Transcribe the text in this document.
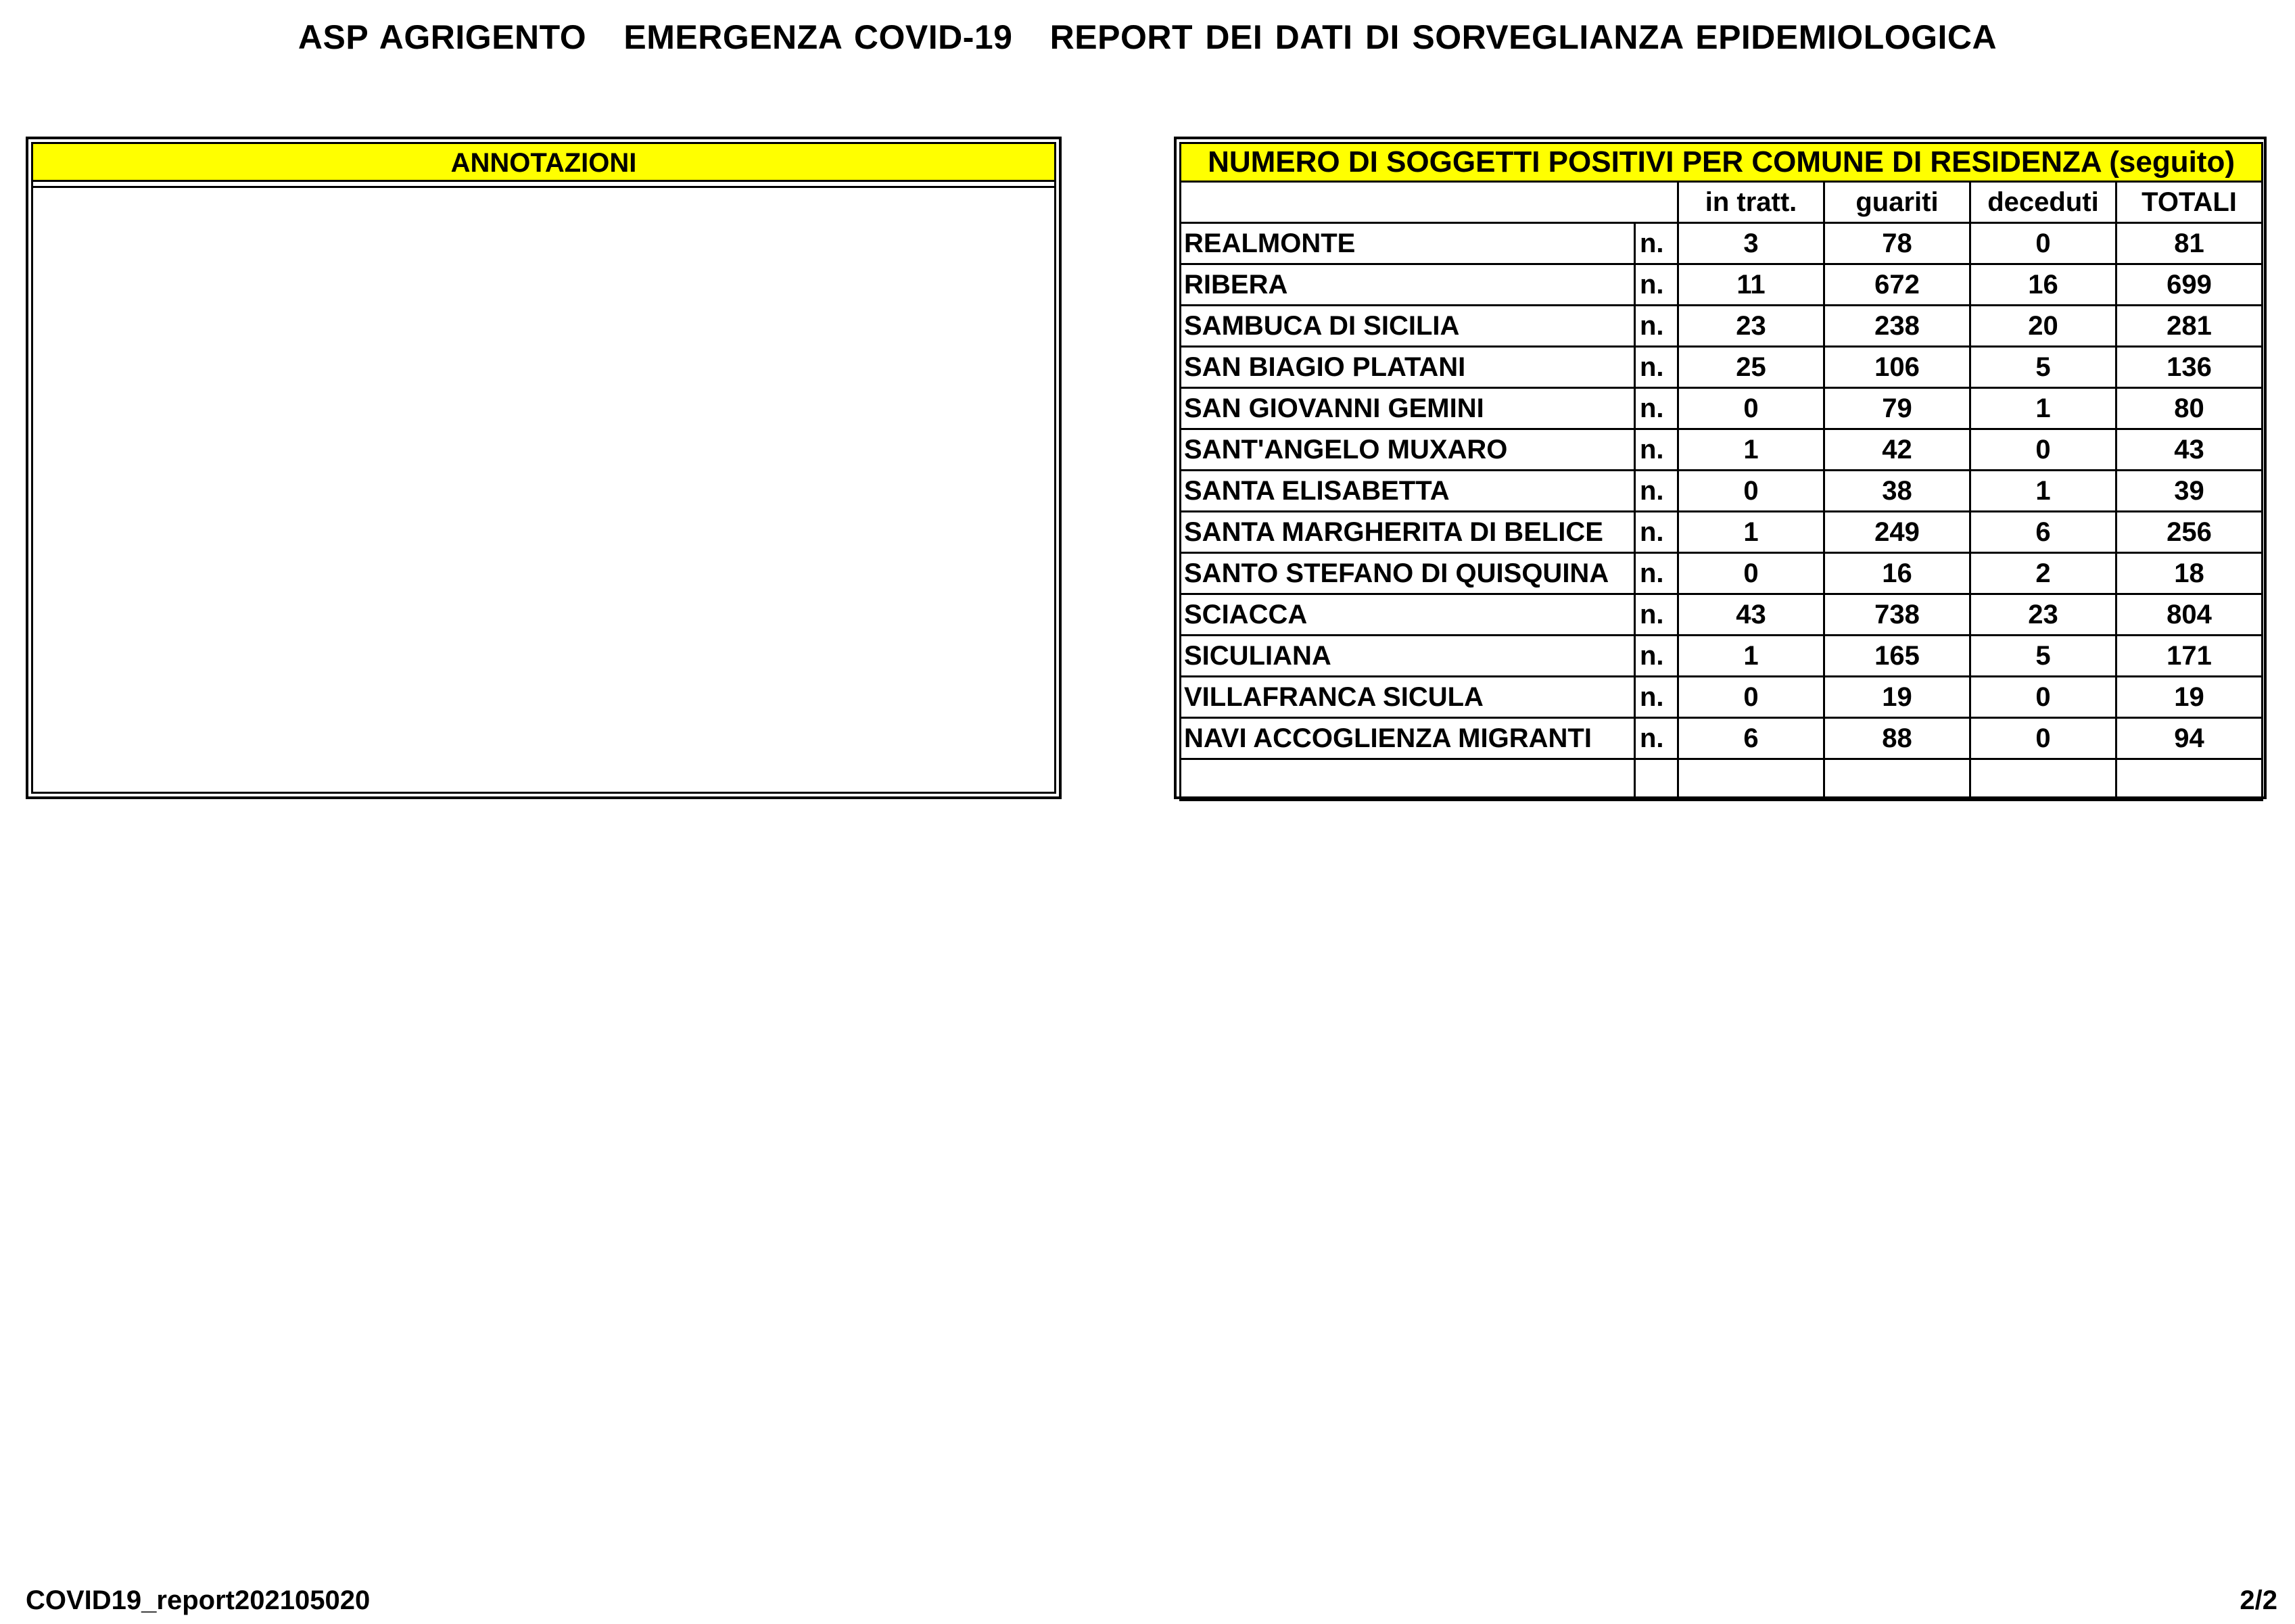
ASP AGRIGENTO   EMERGENZA COVID-19   REPORT DEI DATI DI SORVEGLIANZA EPIDEMIOLOGICA
ANNOTAZIONI	NUMERO DI SOGGETTI POSITIVI PER COMUNE DI RESIDENZA (seguito)					
		in tratt.	guariti	deceduti	TOTALI
REALMONTE	n.	3	78	0	81
RIBERA	n.	11	672	16	699
SAMBUCA DI SICILIA	n.	23	238	20	281
SAN BIAGIO PLATANI	n.	25	106	5	136
SAN GIOVANNI GEMINI	n.	0	79	1	80
SANT'ANGELO MUXARO	n.	1	42	0	43
SANTA ELISABETTA	n.	0	38	1	39
SANTA MARGHERITA DI BELICE	n.	1	249	6	256
SANTO STEFANO DI QUISQUINA	n.	0	16	2	18
SCIACCA	n.	43	738	23	804
SICULIANA	n.	1	165	5	171
VILLAFRANCA SICULA	n.	0	19	0	19
NAVI ACCOGLIENZA MIGRANTI	n.	6	88	0	94

COVID19_report202105020	2/2
